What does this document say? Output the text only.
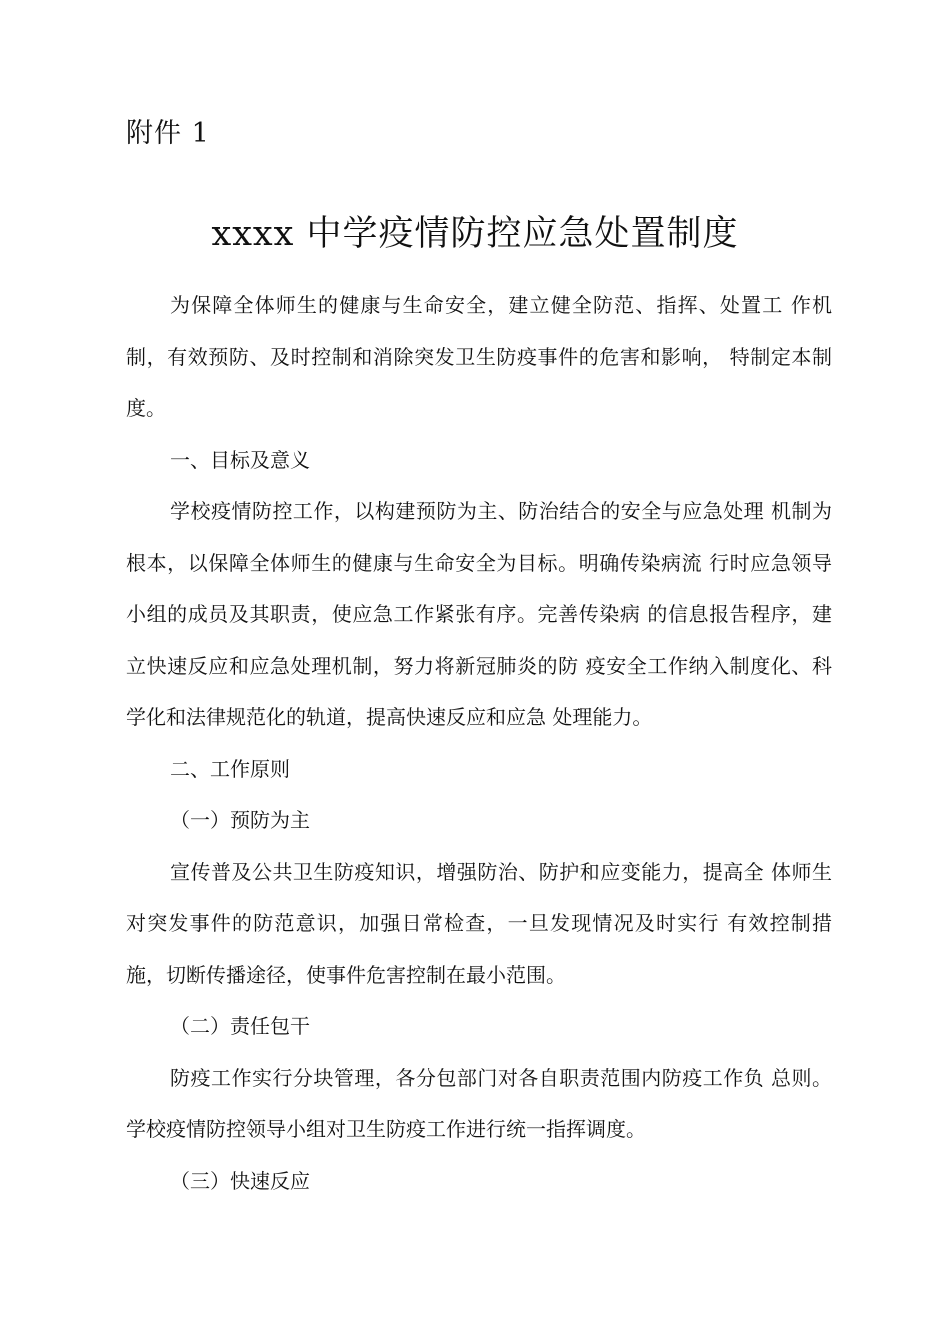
附件 1
xxxx 中学疫情防控应急处置制度

为保障全体师生的健康与生命安全，建立健全防范、指挥、处置工 作机制，有效预防、及时控制和消除突发卫生防疫事件的危害和影响， 特制定本制度。

一、目标及意义

学校疫情防控工作，以构建预防为主、防治结合的安全与应急处理 机制为根本，以保障全体师生的健康与生命安全为目标。明确传染病流 行时应急领导小组的成员及其职责，使应急工作紧张有序。完善传染病 的信息报告程序，建立快速反应和应急处理机制，努力将新冠肺炎的防 疫安全工作纳入制度化、科学化和法律规范化的轨道，提高快速反应和应急 处理能力。

二、工作原则

（一）预防为主

宣传普及公共卫生防疫知识，增强防治、防护和应变能力，提高全 体师生对突发事件的防范意识，加强日常检查，一旦发现情况及时实行 有效控制措施，切断传播途径，使事件危害控制在最小范围。

（二）责任包干

防疫工作实行分块管理，各分包部门对各自职责范围内防疫工作负 总则。学校疫情防控领导小组对卫生防疫工作进行统一指挥调度。

（三）快速反应
